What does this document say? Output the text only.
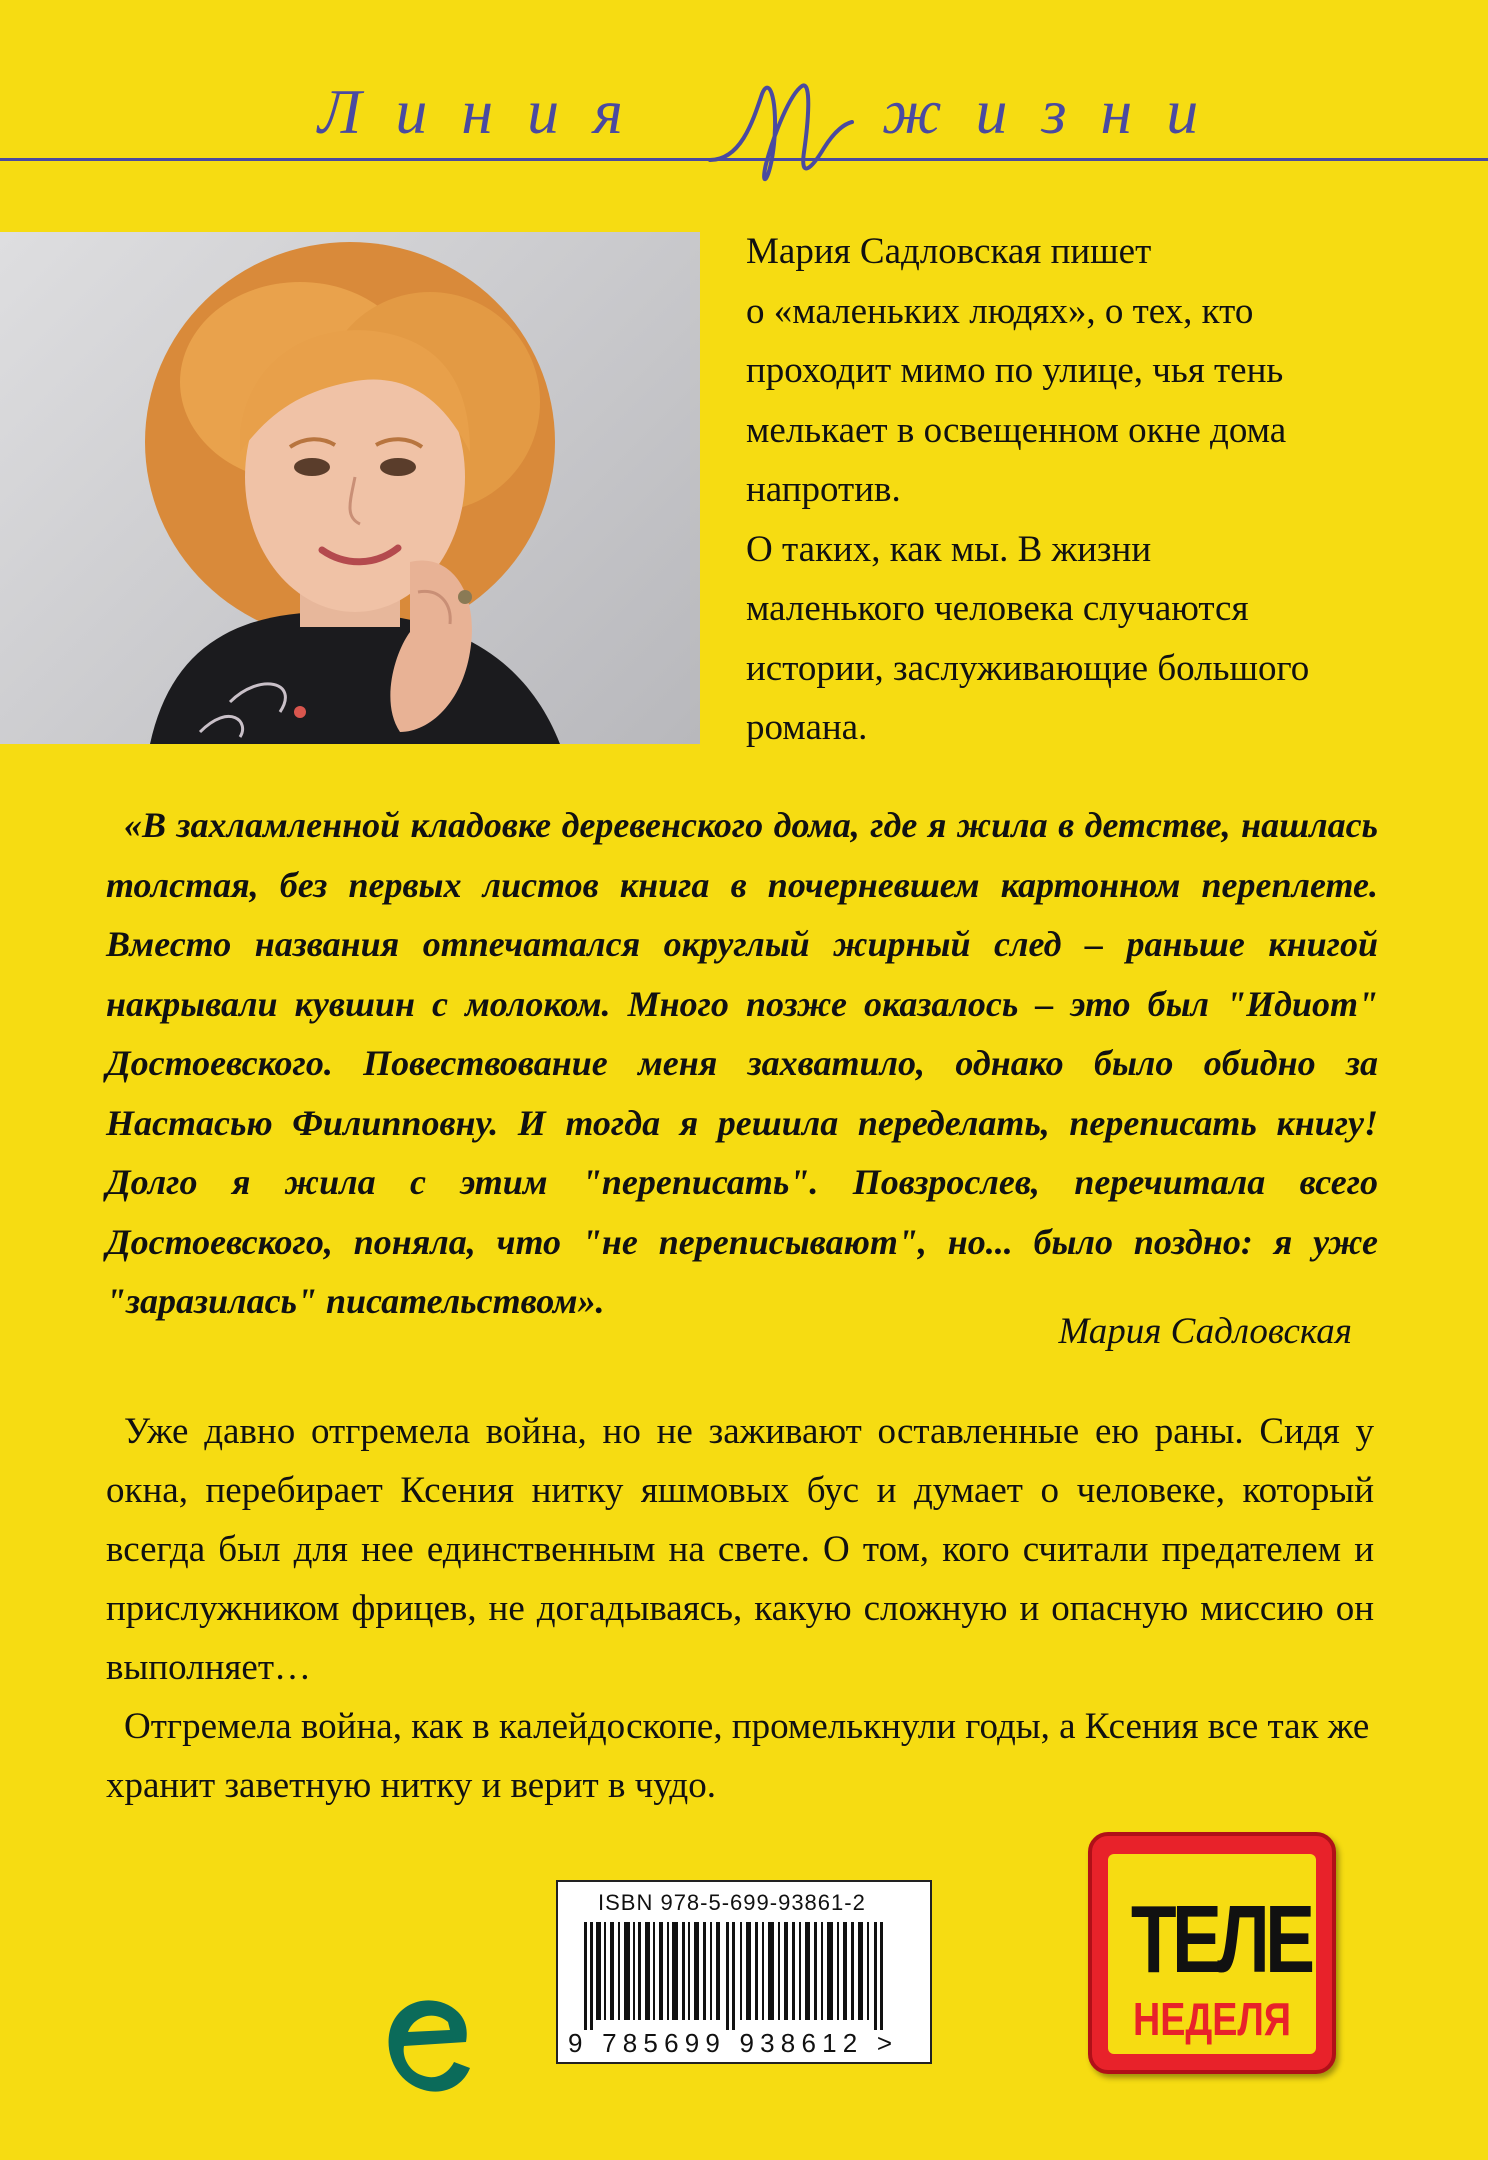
Линия	жизни

Мария Садловская пишет

о «маленьких людях», о тех, кто

проходит мимо по улице, чья тень

мелькает в освещенном окне дома

напротив.

О таких, как мы. В жизни

маленького человека случаются

истории, заслуживающие большого

романа.

«В захламленной кладовке деревенского дома, где я жила в детстве, нашлась толстая, без первых листов книга в почерневшем картонном переплете. Вместо названия отпечатался округлый жирный след – раньше книгой накрывали кувшин с молоком. Много позже оказалось – это был "Идиот" Достоевского. Повествование меня захватило, однако было обидно за Настасью Филипповну. И тогда я решила переделать, переписать книгу! Долго я жила с этим "переписать". Повзрослев, перечитала всего Достоевского, поняла, что "не переписывают", но... было поздно: я уже "заразилась" писательством».
Мария Садловская

Уже давно отгремела война, но не заживают оставленные ею раны. Сидя у окна, перебирает Ксения нитку яшмовых бус и думает о человеке, который всегда был для нее единственным на свете. О том, кого считали предателем и прислужником фрицев, не догадываясь, какую сложную и опасную миссию он выполняет…

Отгремела война, как в калейдоскопе, промелькнули годы, а Ксения все так же хранит заветную нитку и верит в чудо.

ISBN 978-5-699-93861-2
9 785699 938612 >
ТЕЛЕ
НЕДЕЛЯ
